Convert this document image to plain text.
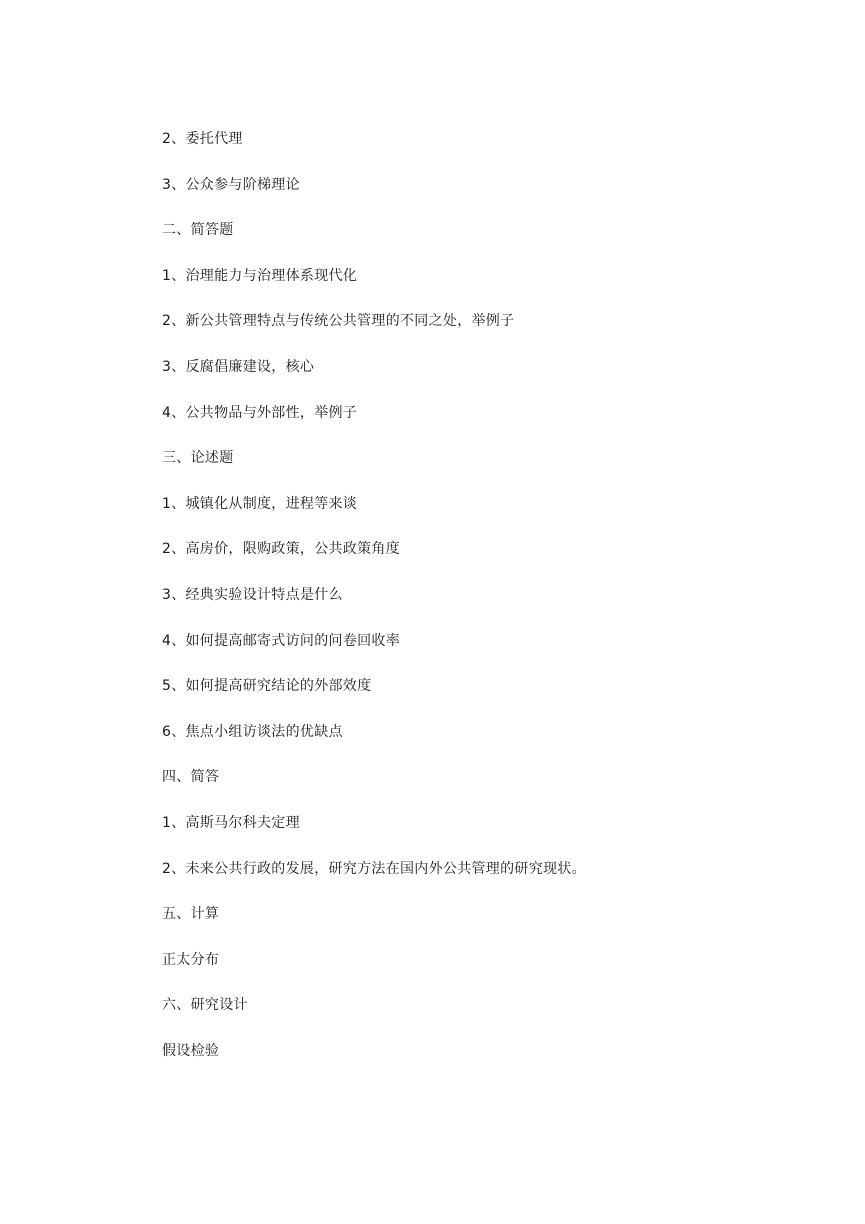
2、委托代理
3、公众参与阶梯理论
二、简答题
1、治理能力与治理体系现代化
2、新公共管理特点与传统公共管理的不同之处，举例子
3、反腐倡廉建设，核心
4、公共物品与外部性，举例子
三、论述题
1、城镇化从制度，进程等来谈
2、高房价，限购政策，公共政策角度
3、经典实验设计特点是什么
4、如何提高邮寄式访问的问卷回收率
5、如何提高研究结论的外部效度
6、焦点小组访谈法的优缺点
四、简答
1、高斯马尔科夫定理
2、未来公共行政的发展，研究方法在国内外公共管理的研究现状。
五、计算
正太分布
六、研究设计
假设检验
